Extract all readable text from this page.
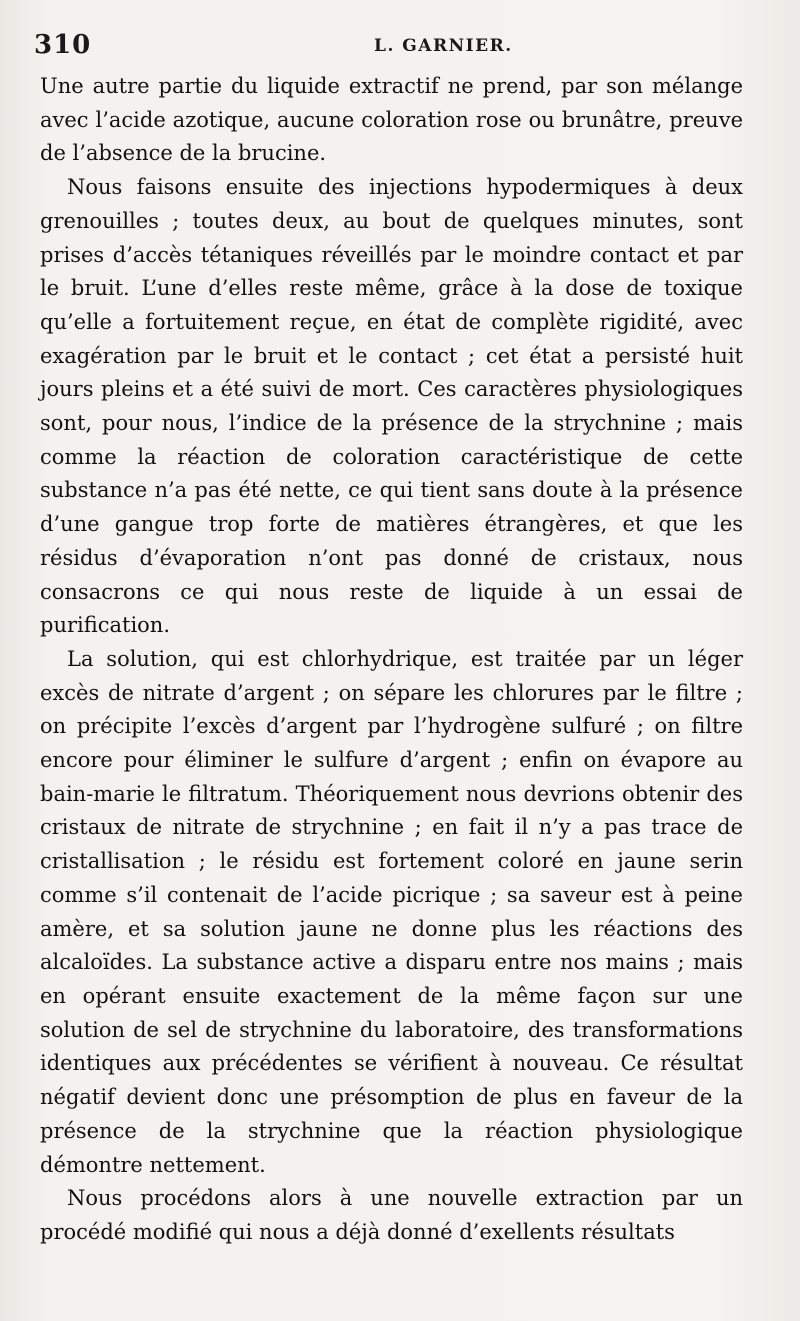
310	L. GARNIER.

Une autre partie du liquide extractif ne prend, par son mélange avec l’acide azotique, aucune coloration rose ou brunâtre, preuve de l’absence de la brucine.

Nous faisons ensuite des injections hypodermiques à deux grenouilles ; toutes deux, au bout de quelques minutes, sont prises d’accès tétaniques réveillés par le moindre contact et par le bruit. L’une d’elles reste même, grâce à la dose de toxique qu’elle a fortuitement reçue, en état de complète rigidité, avec exagération par le bruit et le contact ; cet état a persisté huit jours pleins et a été suivi de mort. Ces caractères physiologiques sont, pour nous, l’indice de la présence de la strychnine ; mais comme la réaction de coloration caractéristique de cette substance n’a pas été nette, ce qui tient sans doute à la présence d’une gangue trop forte de matières étrangères, et que les résidus d’évaporation n’ont pas donné de cristaux, nous consacrons ce qui nous reste de liquide à un essai de purification.

La solution, qui est chlorhydrique, est traitée par un léger excès de nitrate d’argent ; on sépare les chlorures par le filtre ; on précipite l’excès d’argent par l’hydrogène sulfuré ; on filtre encore pour éliminer le sulfure d’argent ; enfin on évapore au bain-marie le filtratum. Théoriquement nous devrions obtenir des cristaux de nitrate de strychnine ; en fait il n’y a pas trace de cristallisation ; le résidu est fortement coloré en jaune serin comme s’il contenait de l’acide picrique ; sa saveur est à peine amère, et sa solution jaune ne donne plus les réactions des alcaloïdes. La substance active a disparu entre nos mains ; mais en opérant ensuite exactement de la même façon sur une solution de sel de strychnine du laboratoire, des transformations identiques aux précédentes se vérifient à nouveau. Ce résultat négatif devient donc une présomption de plus en faveur de la présence de la strychnine que la réaction physiologique démontre nettement.

Nous procédons alors à une nouvelle extraction par un procédé modifié qui nous a déjà donné d’exellents résultats
